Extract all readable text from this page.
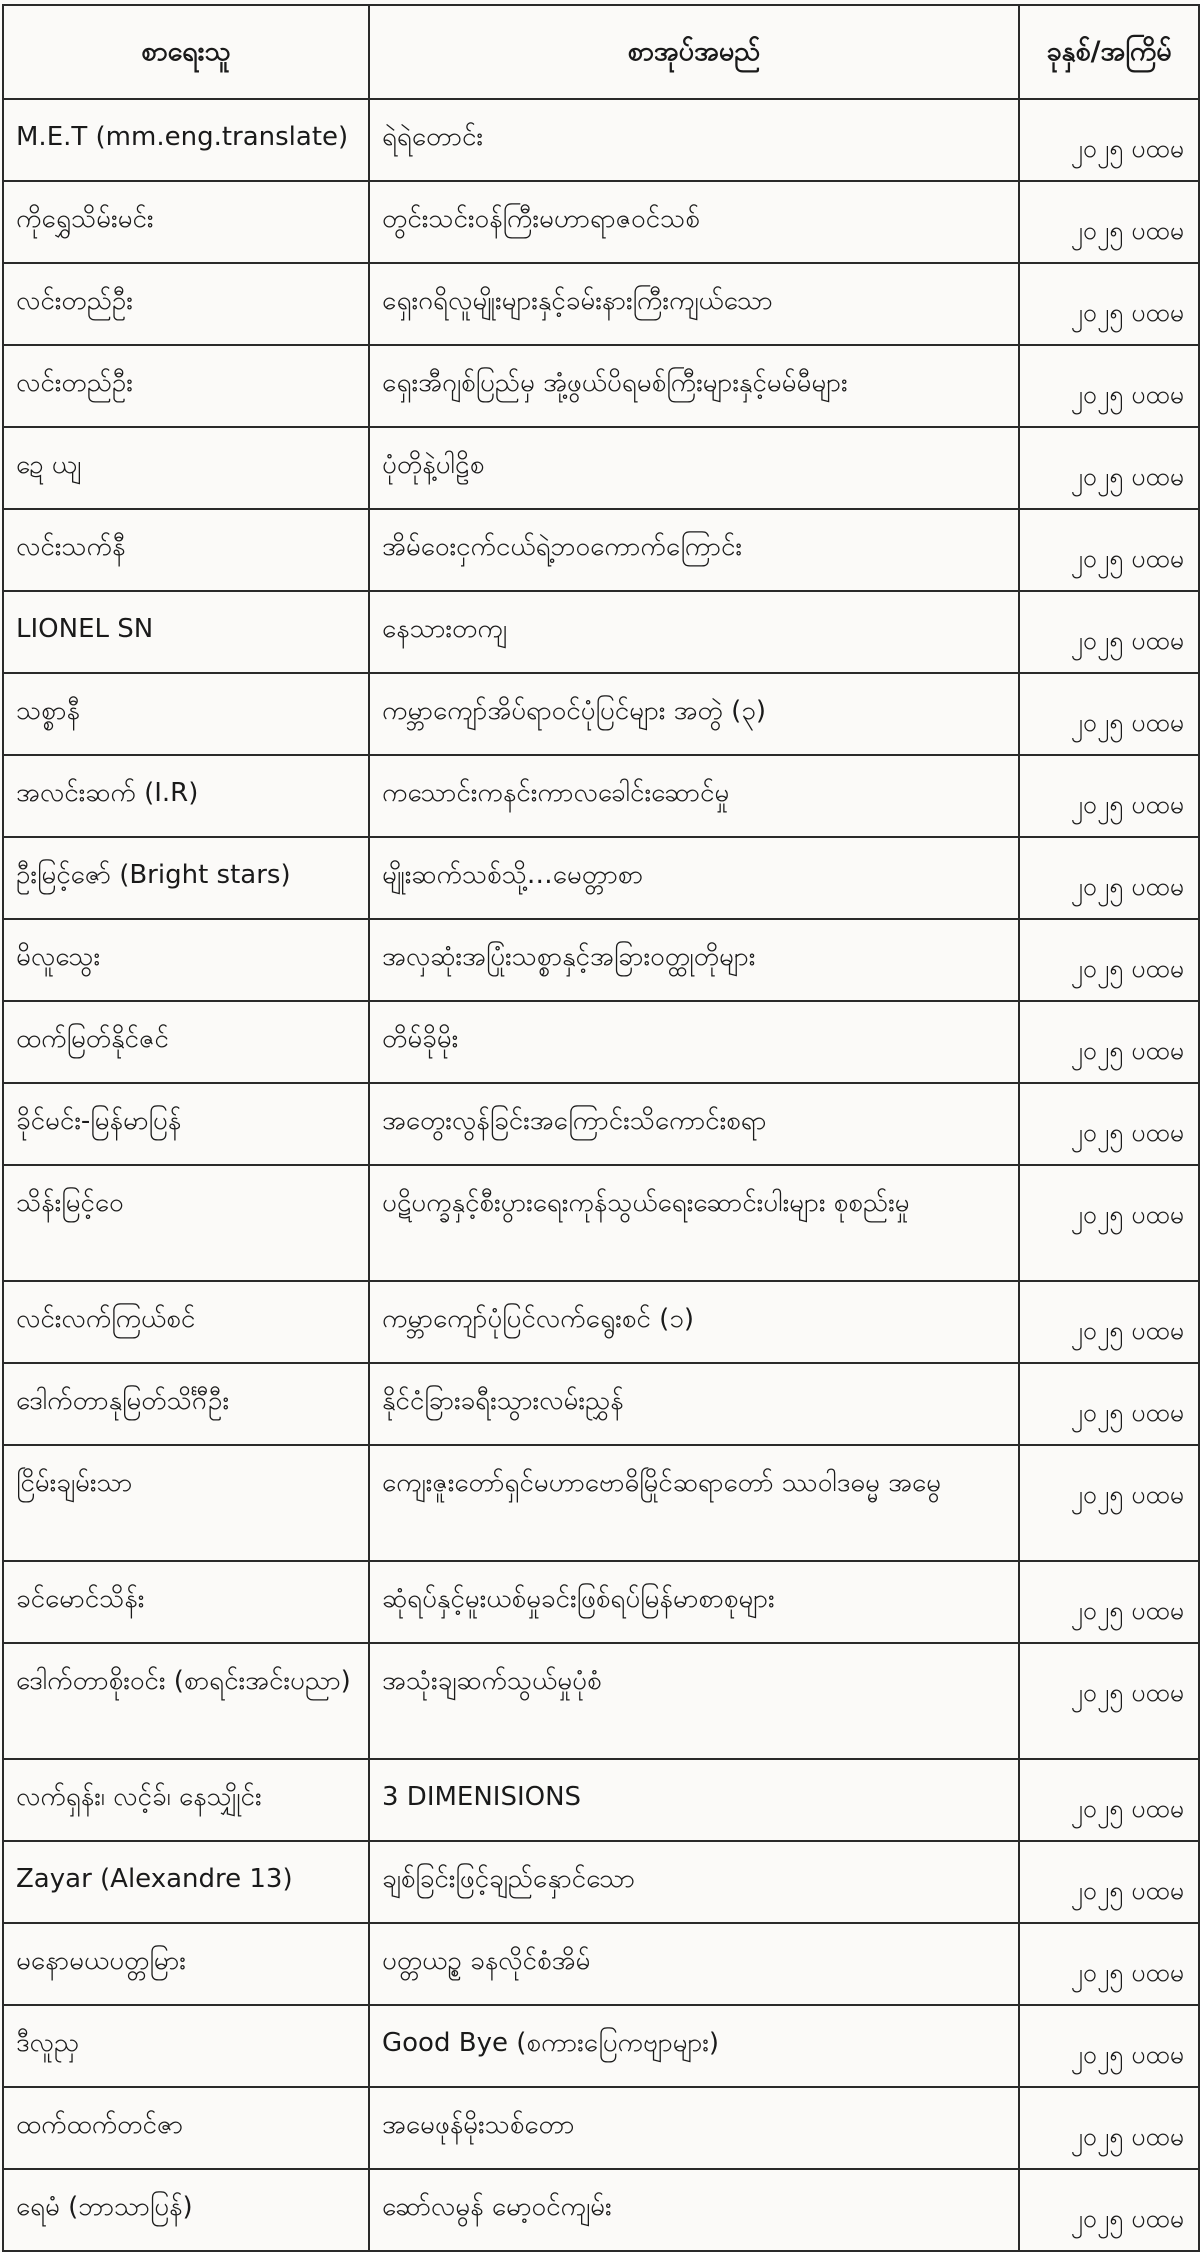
စာရေးသူ	စာအုပ်အမည်	ခုနှစ်/အကြိမ်
M.E.T (mm.eng.translate)	ရဲရဲတောင်း	၂၀၂၅ ပထမ
ကိုရွှေသိမ်းမင်း	တွင်းသင်းဝန်ကြီးမဟာရာဇဝင်သစ်	၂၀၂၅ ပထမ
လင်းတည်ဦး	ရှေးဂရိလူမျိုးများနှင့်ခမ်းနားကြီးကျယ်သော	၂၀၂၅ ပထမ
လင်းတည်ဦး	ရှေးအီဂျစ်ပြည်မှ အုံ့ဖွယ်ပိရမစ်ကြီးများနှင့်မမ်မီများ	၂၀၂၅ ပထမ
ဍေ ယျ	ပုံတိုနဲ့ပါဠိစ	၂၀၂၅ ပထမ
လင်းသက်နီ	အိမ်ဝေးငှက်ငယ်ရဲ့ဘဝကောက်ကြောင်း	၂၀၂၅ ပထမ
LIONEL SN	နေသားတကျ	၂၀၂၅ ပထမ
သစ္စာနီ	ကမ္ဘာကျော်အိပ်ရာဝင်ပုံပြင်များ အတွဲ (၃)	၂၀၂၅ ပထမ
အလင်းဆက် (I.R)	ကသောင်းကနင်းကာလခေါင်းဆောင်မှု	၂၀၂၅ ပထမ
ဦးမြင့်ဇော် (Bright stars)	မျိုးဆက်သစ်သို့…မေတ္တာစာ	၂၀၂၅ ပထမ
မိလူသွေး	အလှဆုံးအပြုံးသစ္စာနှင့်အခြားဝတ္ထုတိုများ	၂၀၂၅ ပထမ
ထက်မြတ်နိုင်ဇင်	တိမ်ခိုမိုး	၂၀၂၅ ပထမ
ခိုင်မင်း-မြန်မာပြန်	အတွေးလွန်ခြင်းအကြောင်းသိကောင်းစရာ	၂၀၂၅ ပထမ
သိန်းမြင့်ဝေ	ပဋိပက္ခနှင့်စီးပွားရေးကုန်သွယ်ရေးဆောင်းပါးများ စုစည်းမှု	၂၀၂၅ ပထမ
လင်းလက်ကြယ်စင်	ကမ္ဘာကျော်ပုံပြင်လက်ရွေးစင် (၁)	၂၀၂၅ ပထမ
ဒေါက်တာနုမြတ်သိင်္ဂီဦး	နိုင်ငံခြားခရီးသွားလမ်းညွှန်	၂၀၂၅ ပထမ
ငြိမ်းချမ်းသာ	ကျေးဇူးတော်ရှင်မဟာဗောဓိမြိုင်ဆရာတော် ဿဝါဒဓမ္မ အမွေ	၂၀၂၅ ပထမ
ခင်မောင်သိန်း	ဆုံရပ်နှင့်မူးယစ်မှုခင်းဖြစ်ရပ်မြန်မာစာစုများ	၂၀၂၅ ပထမ
ဒေါက်တာစိုးဝင်း (စာရင်းအင်းပညာ)	အသုံးချဆက်သွယ်မှုပုံစံ	၂၀၂၅ ပထမ
လက်ရှန်း၊ လင့်ခ်၊ နေသျှိုင်း	3 DIMENISIONS	၂၀၂၅ ပထမ
Zayar (Alexandre 13)	ချစ်ခြင်းဖြင့်ချည်နှောင်သော	၂၀၂၅ ပထမ
မနောမယပတ္တမြား	ပတ္တယဉ္စ ခနလိုင်စံအိမ်	၂၀၂၅ ပထမ
ဒီလူညှ	Good Bye (စကားပြေကဗျာများ)	၂၀၂၅ ပထမ
ထက်ထက်တင်ဇာ	အမေဖုန်မိုးသစ်တော	၂၀၂၅ ပထမ
ရေမံ (ဘာသာပြန်)	ဆော်လမွန် မော့ဝင်ကျမ်း	၂၀၂၅ ပထမ
